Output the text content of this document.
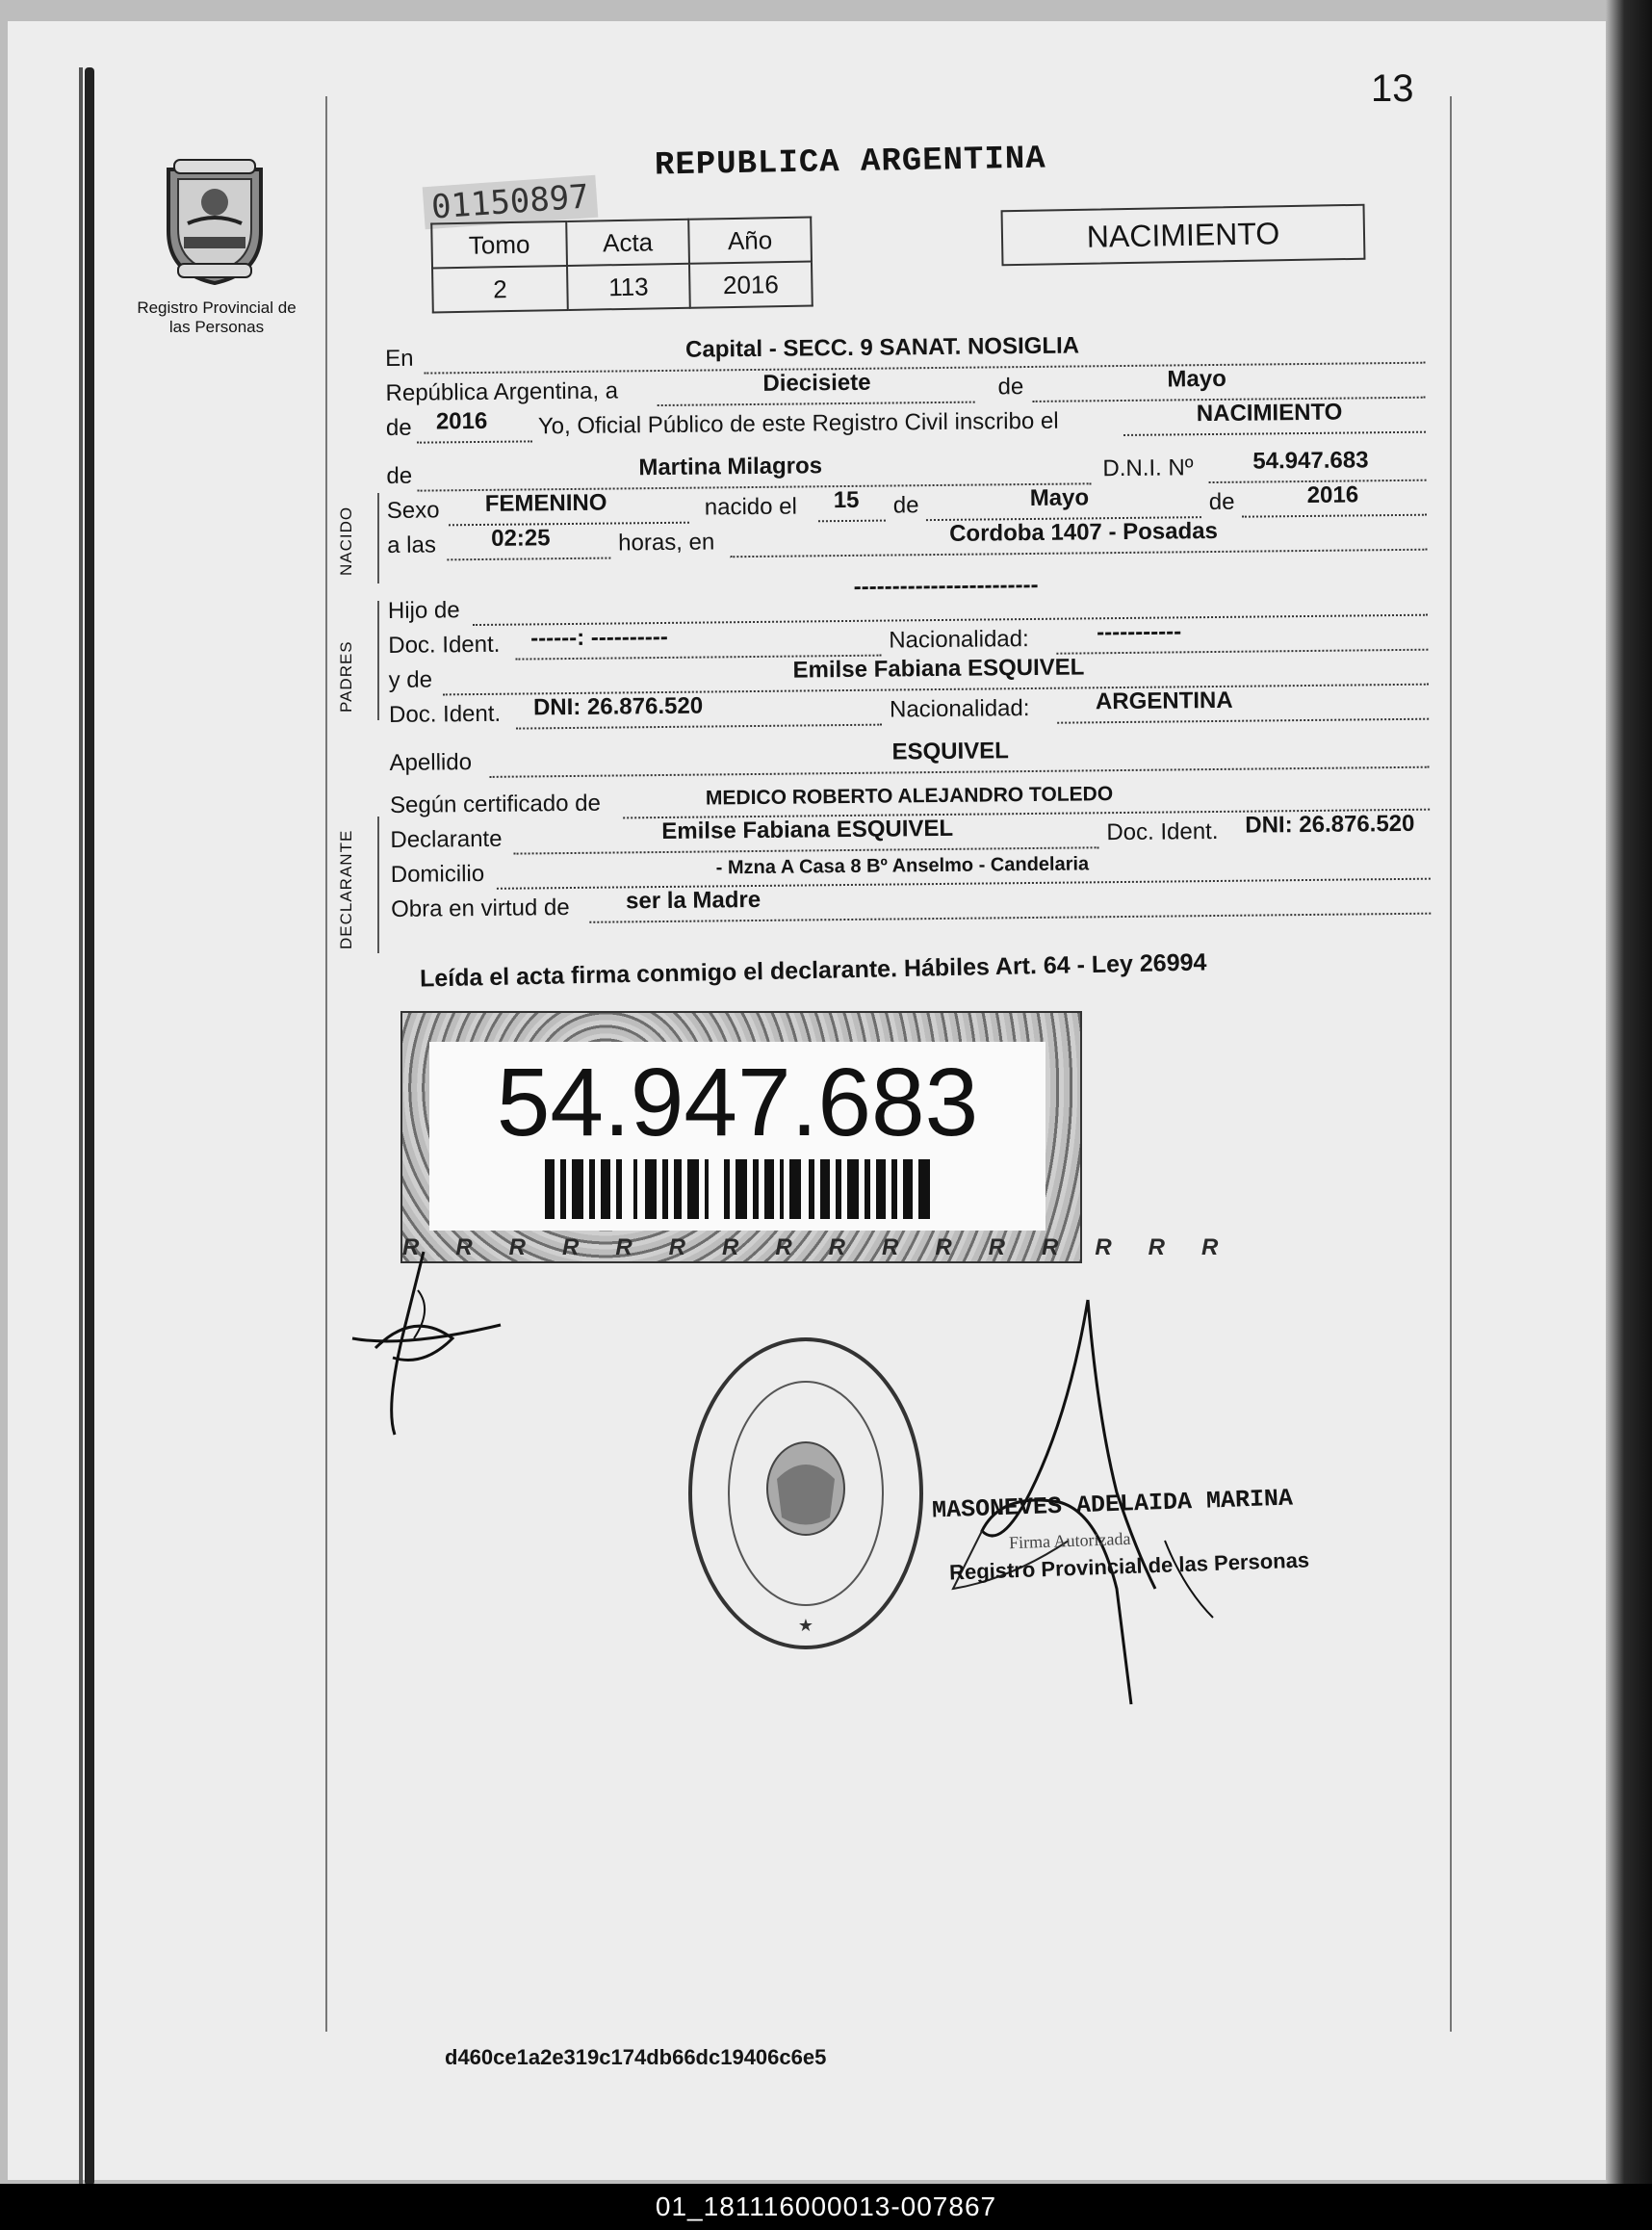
13
01150897
REPUBLICA ARGENTINA
NACIMIENTO
Registro Provincial de las Personas
Tomo	Acta	Año
2	113	2016
NACIDO
PADRES
DECLARANTE
En	Capital - SECC. 9 SANAT. NOSIGLIA
República Argentina, a	Diecisiete	de	Mayo
de 2016 Yo, Oficial Público de este Registro Civil inscribo el	NACIMIENTO
de	Martina Milagros	D.N.I. Nº	54.947.683
Sexo FEMENINO	nacido el 15 de	Mayo	de	2016
a las 02:25	horas, en	Cordoba 1407 - Posadas
------------------------
Hijo de
Doc. Ident. ------: ----------	Nacionalidad:	-----------
y de	Emilse Fabiana ESQUIVEL
Doc. Ident. DNI: 26.876.520	Nacionalidad:	ARGENTINA
Apellido	ESQUIVEL
Según certificado de	MEDICO ROBERTO ALEJANDRO TOLEDO
Declarante	Emilse Fabiana ESQUIVEL	Doc. Ident. DNI: 26.876.520
Domicilio	- Mzna A Casa 8 Bº Anselmo - Candelaria
Obra en virtud de ser la Madre
Leída el acta firma conmigo el declarante. Hábiles Art. 64 - Ley 26994
54.947.683
RRRRRRRRRRRRRRRR
★
MASONEVES ADELAIDA MARINA
Firma Autorizada
Registro Provincial de las Personas
d460ce1a2e319c174db66dc19406c6e5
01_181116000013-007867
